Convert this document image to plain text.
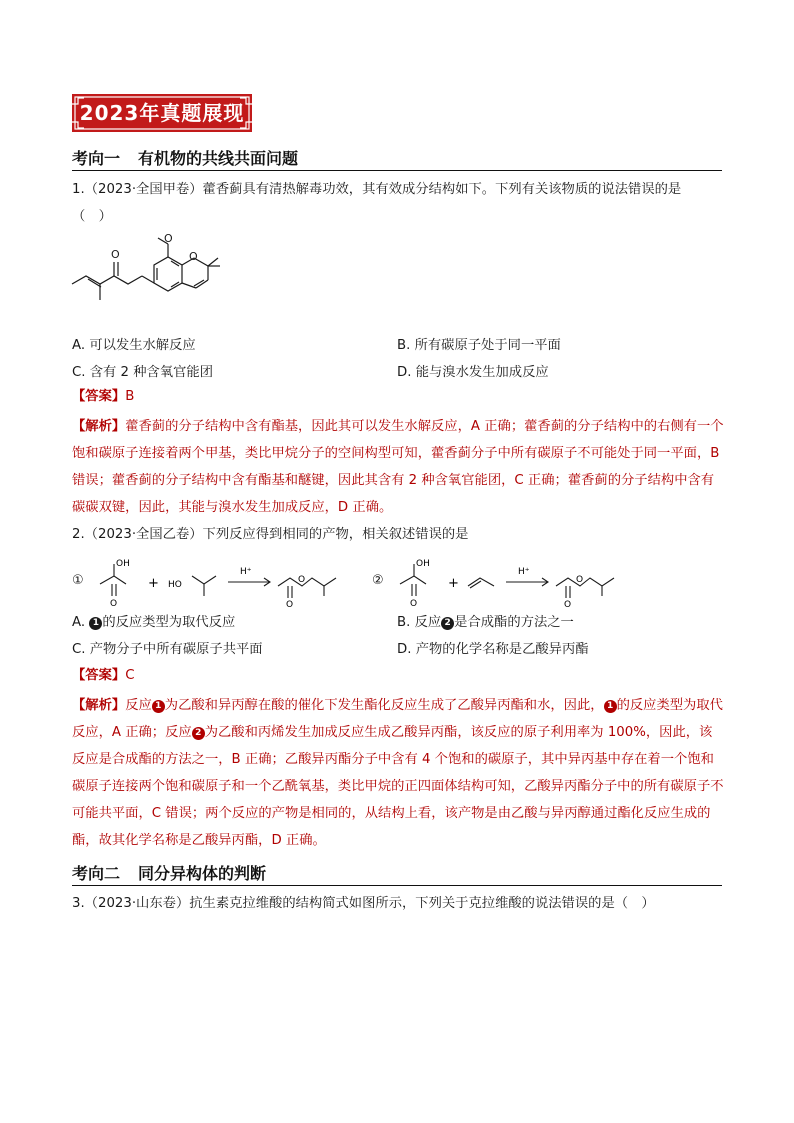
2023年真题展现
考向一 有机物的共线共面问题
1.（2023·全国甲卷）藿香蓟具有清热解毒功效，其有效成分结构如下。下列有关该物质的说法错误的是
（　）
O
O
O
A. 可以发生水解反应	B. 所有碳原子处于同一平面
C. 含有 2 种含氧官能团	D. 能与溴水发生加成反应
【答案】B
【解析】藿香蓟的分子结构中含有酯基，因此其可以发生水解反应，A 正确；藿香蓟的分子结构中的右侧有一个饱和碳原子连接着两个甲基，类比甲烷分子的空间构型可知，藿香蓟分子中所有碳原子不可能处于同一平面，B 错误；藿香蓟的分子结构中含有酯基和醚键，因此其含有 2 种含氧官能团，C 正确；藿香蓟的分子结构中含有碳碳双键，因此，其能与溴水发生加成反应，D 正确。
2.（2023·全国乙卷）下列反应得到相同的产物，相关叙述错误的是
①
OH
O
+ HO
H⁺
O
O
②
OH
O
+
H⁺
O
O
A. 1 的反应类型为取代反应	B. 反应 2 是合成酯的方法之一
C. 产物分子中所有碳原子共平面	D. 产物的化学名称是乙酸异丙酯
【答案】C
【解析】反应 1 为乙酸和异丙醇在酸的催化下发生酯化反应生成了乙酸异丙酯和水，因此， 1 的反应类型为取代反应，A 正确；反应 2 为乙酸和丙烯发生加成反应生成乙酸异丙酯，该反应的原子利用率为 100%，因此，该反应是合成酯的方法之一，B 正确；乙酸异丙酯分子中含有 4 个饱和的碳原子，其中异丙基中存在着一个饱和碳原子连接两个饱和碳原子和一个乙酰氧基，类比甲烷的正四面体结构可知，乙酸异丙酯分子中的所有碳原子不可能共平面，C 错误；两个反应的产物是相同的，从结构上看，该产物是由乙酸与异丙醇通过酯化反应生成的酯，故其化学名称是乙酸异丙酯，D 正确。
考向二 同分异构体的判断
3.（2023·山东卷）抗生素克拉维酸的结构简式如图所示，下列关于克拉维酸的说法错误的是（　）
